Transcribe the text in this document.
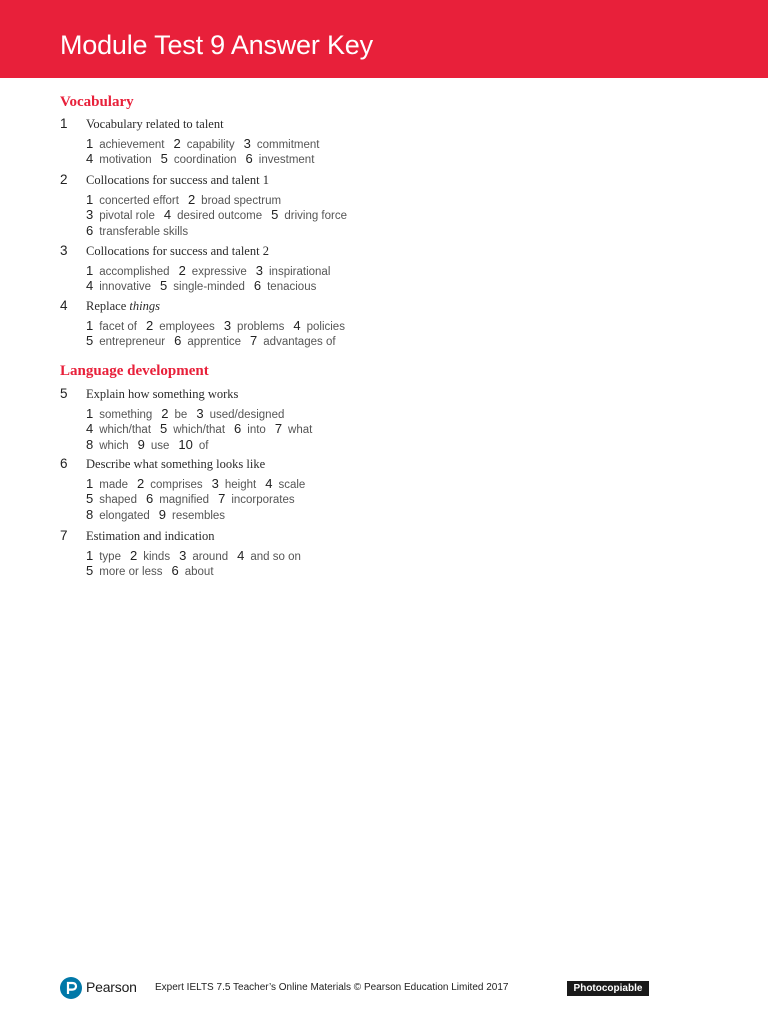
Module Test 9 Answer Key
Vocabulary
1 Vocabulary related to talent
1 achievement 2 capability 3 commitment
4 motivation 5 coordination 6 investment
2 Collocations for success and talent 1
1 concerted effort 2 broad spectrum
3 pivotal role 4 desired outcome 5 driving force
6 transferable skills
3 Collocations for success and talent 2
1 accomplished 2 expressive 3 inspirational
4 innovative 5 single-minded 6 tenacious
4 Replace things
1 facet of 2 employees 3 problems 4 policies
5 entrepreneur 6 apprentice 7 advantages of
Language development
5 Explain how something works
1 something 2 be 3 used/designed
4 which/that 5 which/that 6 into 7 what
8 which 9 use 10 of
6 Describe what something looks like
1 made 2 comprises 3 height 4 scale
5 shaped 6 magnified 7 incorporates
8 elongated 9 resembles
7 Estimation and indication
1 type 2 kinds 3 around 4 and so on
5 more or less 6 about
Pearson Expert IELTS 7.5 Teacher’s Online Materials © Pearson Education Limited 2017	Photocopiable
